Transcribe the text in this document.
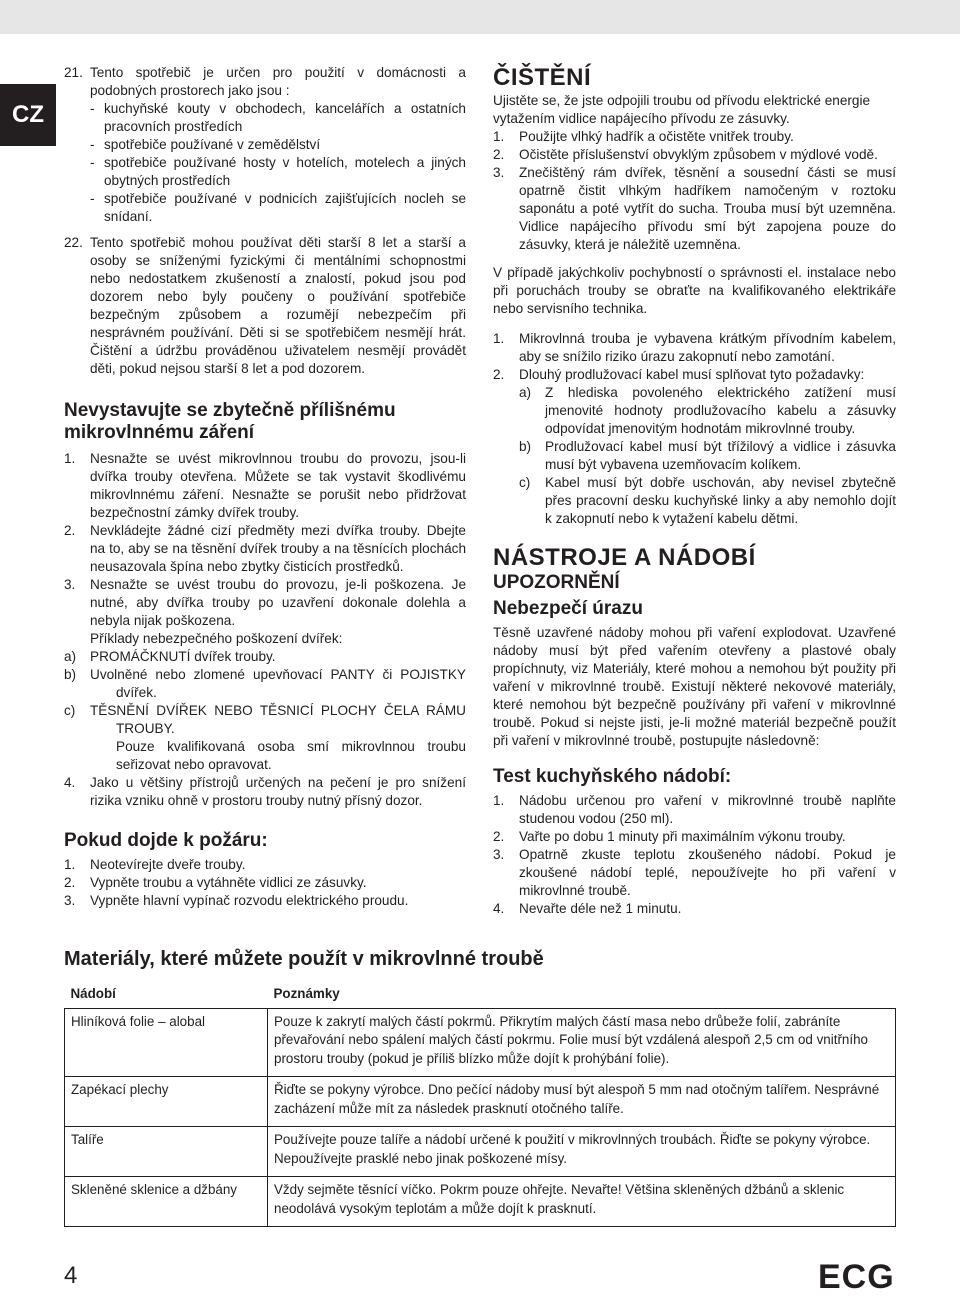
CZ
21. Tento spotřebič je určen pro použití v domácnosti a podobných prostorech jako jsou :

- kuchyňské kouty v obchodech, kancelářích a ostatních pracovních prostředích
- spotřebiče používané v zemědělství
- spotřebiče používané hosty v hotelích, motelech a jiných obytných prostředích
- spotřebiče používané v podnicích zajišťujících nocleh se snídaní.
22. Tento spotřebič mohou používat děti starší 8 let a starší a osoby se sníženými fyzickými či mentálními schopnostmi nebo nedostatkem zkušeností a znalostí, pokud jsou pod dozorem nebo byly poučeny o používání spotřebiče bezpečným způsobem a rozumějí nebezpečím při nesprávném používání. Děti si se spotřebičem nesmějí hrát. Čištění a údržbu prováděnou uživatelem nesmějí provádět děti, pokud nejsou starší 8 let a pod dozorem.

Nevystavujte se zbytečně přílišnému mikrovlnnému záření

1.	Nesnažte se uvést mikrovlnnou troubu do provozu, jsou-li dvířka trouby otevřena. Můžete se tak vystavit škodlivému mikrovlnnému záření. Nesnažte se porušit nebo přidržovat bezpečnostní zámky dvířek trouby.
2.	Nevkládejte žádné cizí předměty mezi dvířka trouby. Dbejte na to, aby se na těsnění dvířek trouby a na těsnících plochách neusazovala špína nebo zbytky čisticích prostředků.
3.	Nesnažte se uvést troubu do provozu, je-li poškozena. Je nutné, aby dvířka trouby po uzavření dokonale dolehla a nebyla nijak poškozena.

Příklady nebezpečného poškození dvířek:

a)	PROMÁČKNUTÍ dvířek trouby.
b)	Uvolněné nebo zlomené upevňovací PANTY či POJISTKY dvířek.
c)	TĚSNĚNÍ DVÍŘEK NEBO TĚSNICÍ PLOCHY ČELA RÁMU TROUBY.

Pouze kvalifikovaná osoba smí mikrovlnnou troubu seřizovat nebo opravovat.

4.	Jako u většiny přístrojů určených na pečení je pro snížení rizika vzniku ohně v prostoru trouby nutný přísný dozor.

Pokud dojde k požáru:

1.	Neotevírejte dveře trouby.
2.	Vypněte troubu a vytáhněte vidlici ze zásuvky.
3.	Vypněte hlavní vypínač rozvodu elektrického proudu.

ČIŠTĚNÍ

Ujistěte se, že jste odpojili troubu od přívodu elektrické energie vytažením vidlice napájecího přívodu ze zásuvky.

1.	Použijte vlhký hadřík a očistěte vnitřek trouby.
2.	Očistěte příslušenství obvyklým způsobem v mýdlové vodě.
3.	Znečištěný rám dvířek, těsnění a sousední části se musí opatrně čistit vlhkým hadříkem namočeným v roztoku saponátu a poté vytřít do sucha. Trouba musí být uzemněna. Vidlice napájecího přívodu smí být zapojena pouze do zásuvky, která je náležitě uzemněna.

V případě jakýchkoliv pochybností o správnosti el. instalace nebo při poruchách trouby se obraťte na kvalifikovaného elektrikáře nebo servisního technika.

1.	Mikrovlnná trouba je vybavena krátkým přívodním kabelem, aby se snížilo riziko úrazu zakopnutí nebo zamotání.
2.	Dlouhý prodlužovací kabel musí splňovat tyto požadavky:
a)	Z hlediska povoleného elektrického zatížení musí jmenovité hodnoty prodlužovacího kabelu a zásuvky odpovídat jmenovitým hodnotám mikrovlnné trouby.
b)	Prodlužovací kabel musí být třížilový a vidlice i zásuvka musí být vybavena uzemňovacím kolíkem.
c)	Kabel musí být dobře uschován, aby nevisel zbytečně přes pracovní desku kuchyňské linky a aby nemohlo dojít k zakopnutí nebo k vytažení kabelu dětmi.

NÁSTROJE A NÁDOBÍ

UPOZORNĚNÍ

Nebezpečí úrazu

Těsně uzavřené nádoby mohou při vaření explodovat. Uzavřené nádoby musí být před vařením otevřeny a plastové obaly propíchnuty, viz Materiály, které mohou a nemohou být použity při vaření v mikrovlnné troubě. Existují některé nekovové materiály, které nemohou být bezpečně používány při vaření v mikrovlnné troubě. Pokud si nejste jisti, je-li možné materiál bezpečně použít při vaření v mikrovlnné troubě, postupujte následovně:

Test kuchyňského nádobí:

1.	Nádobu určenou pro vaření v mikrovlnné troubě naplňte studenou vodou (250 ml).
2.	Vařte po dobu 1 minuty při maximálním výkonu trouby.
3.	Opatrně zkuste teplotu zkoušeného nádobí. Pokud je zkoušené nádobí teplé, nepoužívejte ho při vaření v mikrovlnné troubě.
4.	Nevařte déle než 1 minutu.
Materiály, které můžete použít v mikrovlnné troubě
Nádobí	Poznámky
Hliníková folie – alobal	Pouze k zakrytí malých částí pokrmů. Přikrytím malých částí masa nebo drůbeže folií, zabráníte převařování nebo spálení malých částí pokrmu. Folie musí být vzdálená alespoň 2,5 cm od vnitřního prostoru trouby (pokud je příliš blízko může dojít k prohýbání folie).
Zapékací plechy	Řiďte se pokyny výrobce. Dno pečící nádoby musí být alespoň 5 mm nad otočným talířem. Nesprávné zacházení může mít za následek prasknutí otočného talíře.
Talíře	Používejte pouze talíře a nádobí určené k použití v mikrovlnných troubách. Řiďte se pokyny výrobce. Nepoužívejte prasklé nebo jinak poškozené mísy.
Skleněné sklenice a džbány	Vždy sejměte těsnící víčko. Pokrm pouze ohřejte. Nevařte! Většina skleněných džbánů a sklenic neodolává vysokým teplotám a může dojít k prasknutí.
4	ECG
